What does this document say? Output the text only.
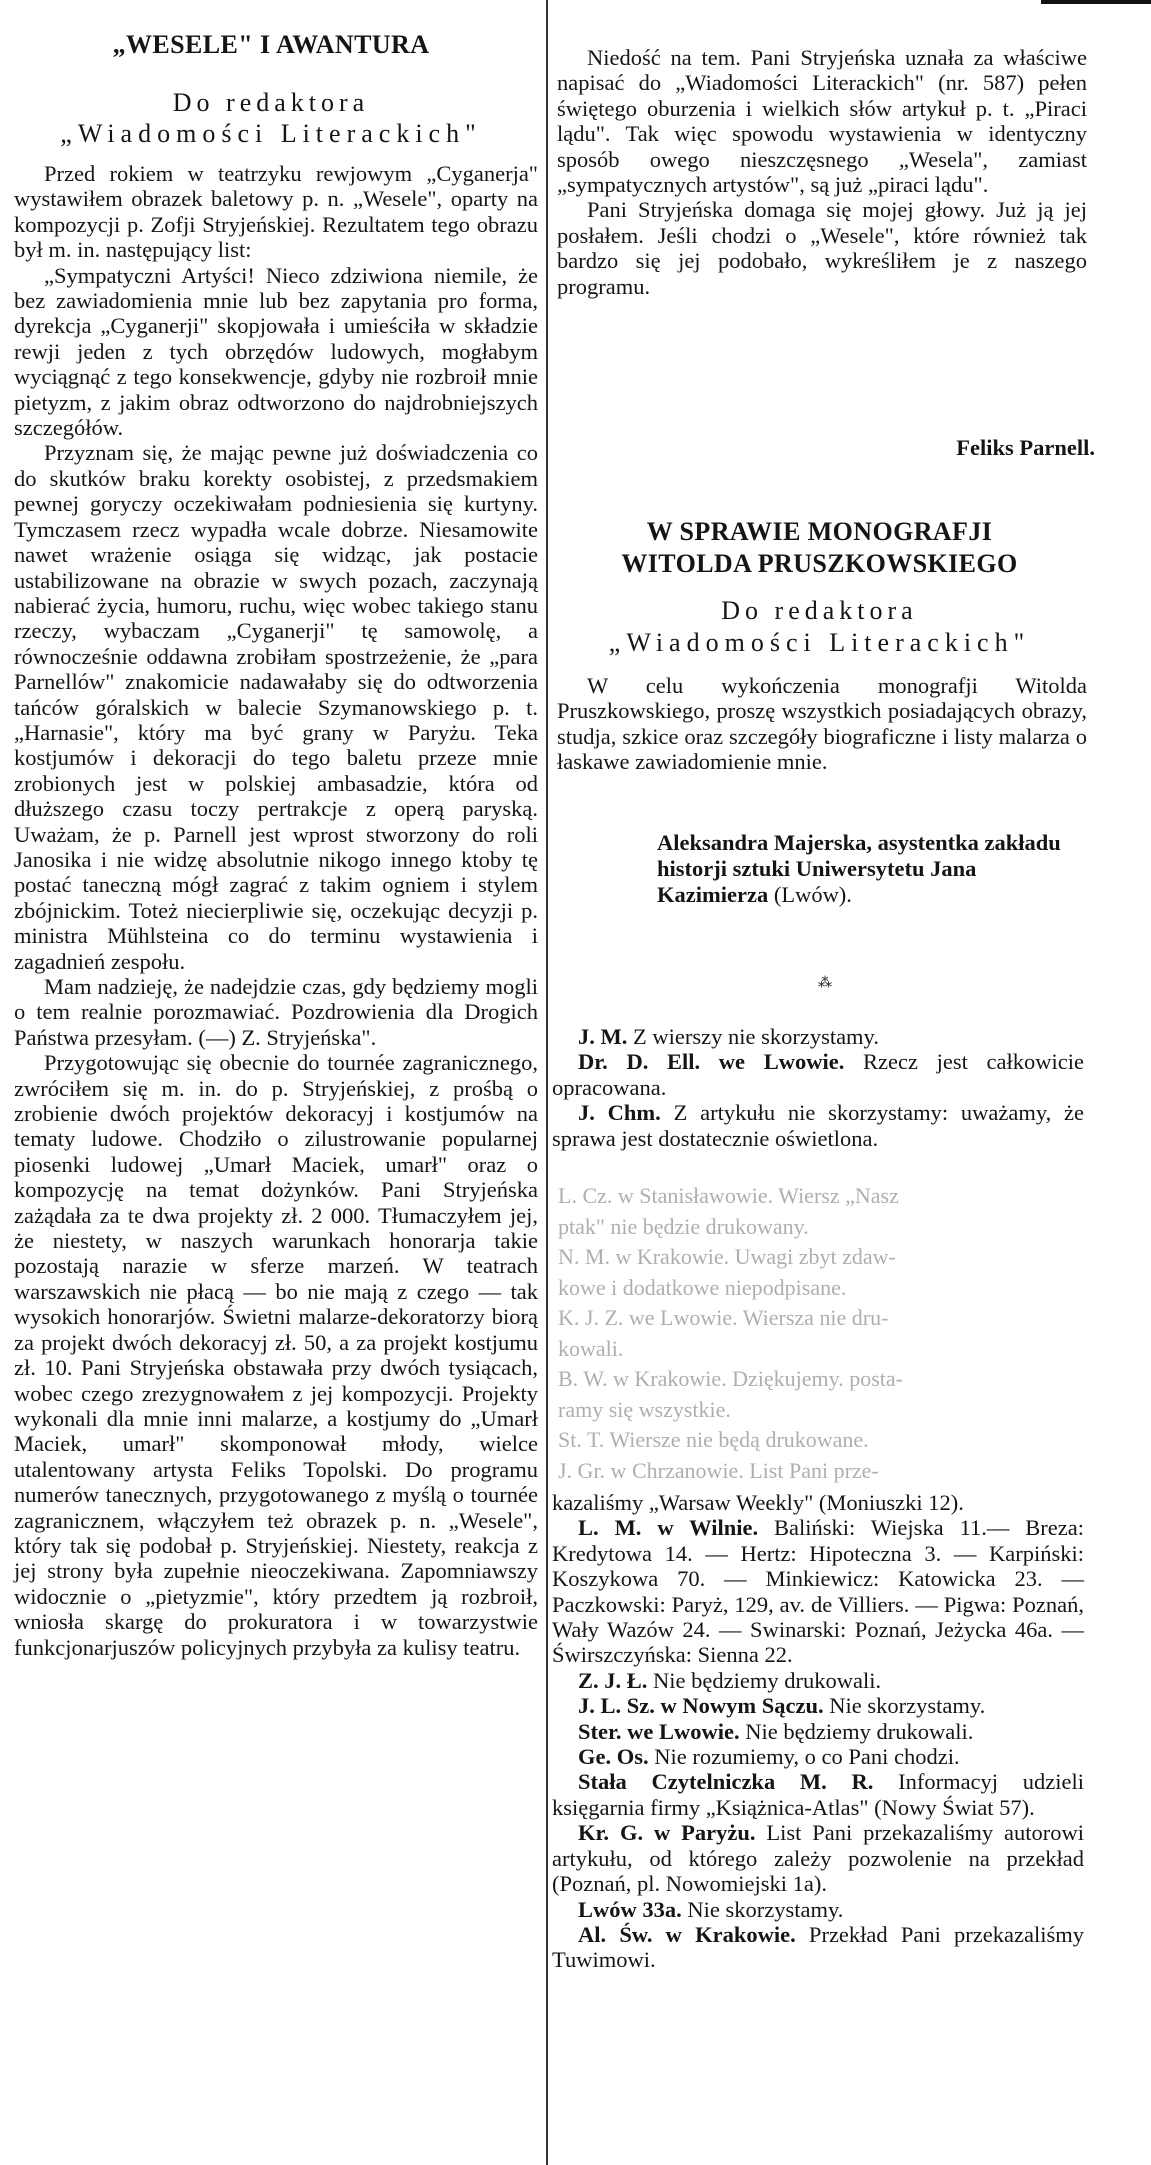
„WESELE" I AWANTURA
Do redaktora
„Wiadomości Literackich"

Przed rokiem w teatrzyku rewjowym „Cyganerja" wystawiłem obrazek baletowy p. n. „Wesele", oparty na kompozycji p. Zofji Stryjeńskiej. Rezultatem tego obrazu był m. in. następujący list:

„Sympatyczni Artyści! Nieco zdziwiona niemile, że bez zawiadomienia mnie lub bez zapytania pro forma, dyrekcja „Cyganerji" skopjowała i umieściła w składzie rewji jeden z tych obrzędów ludowych, mogłabym wyciągnąć z tego konsekwencje, gdyby nie rozbroił mnie pietyzm, z jakim obraz odtworzono do najdrobniejszych szczegółów.

Przyznam się, że mając pewne już doświadczenia co do skutków braku korekty osobistej, z przedsmakiem pewnej goryczy oczekiwałam podniesienia się kurtyny. Tymczasem rzecz wypadła wcale dobrze. Niesamowite nawet wrażenie osiąga się widząc, jak postacie ustabilizowane na obrazie w swych pozach, zaczynają nabierać życia, humoru, ruchu, więc wobec takiego stanu rzeczy, wybaczam „Cyganerji" tę samowolę, a równocześnie oddawna zrobiłam spostrzeżenie, że „para Parnellów" znakomicie nadawałaby się do odtworzenia tańców góralskich w balecie Szymanowskiego p. t. „Harnasie", który ma być grany w Paryżu. Teka kostjumów i dekoracji do tego baletu przeze mnie zrobionych jest w polskiej ambasadzie, która od dłuższego czasu toczy pertrakcje z operą paryską. Uważam, że p. Parnell jest wprost stworzony do roli Janosika i nie widzę absolutnie nikogo innego ktoby tę postać taneczną mógł zagrać z takim ogniem i stylem zbójnickim. Toteż niecierpliwie się, oczekując decyzji p. ministra Mühlsteina co do terminu wystawienia i zagadnień zespołu.

Mam nadzieję, że nadejdzie czas, gdy będziemy mogli o tem realnie porozmawiać. Pozdrowienia dla Drogich Państwa przesyłam. (—) Z. Stryjeńska".

Przygotowując się obecnie do tournée zagranicznego, zwróciłem się m. in. do p. Stryjeńskiej, z prośbą o zrobienie dwóch projektów dekoracyj i kostjumów na tematy ludowe. Chodziło o zilustrowanie popularnej piosenki ludowej „Umarł Maciek, umarł" oraz o kompozycję na temat dożynków. Pani Stryjeńska zażądała za te dwa projekty zł. 2 000. Tłumaczyłem jej, że niestety, w naszych warunkach honorarja takie pozostają narazie w sferze marzeń. W teatrach warszawskich nie płacą — bo nie mają z czego — tak wysokich honorarjów. Świetni malarze-dekoratorzy biorą za projekt dwóch dekoracyj zł. 50, a za projekt kostjumu zł. 10. Pani Stryjeńska obstawała przy dwóch tysiącach, wobec czego zrezygnowałem z jej kompozycji. Projekty wykonali dla mnie inni malarze, a kostjumy do „Umarł Maciek, umarł" skomponował młody, wielce utalentowany artysta Feliks Topolski. Do programu numerów tanecznych, przygotowanego z myślą o tournée zagranicznem, włączyłem też obrazek p. n. „Wesele", który tak się podobał p. Stryjeńskiej. Niestety, reakcja z jej strony była zupełnie nieoczekiwana. Zapomniawszy widocznie o „pietyzmie", który przedtem ją rozbroił, wniosła skargę do prokuratora i w towarzystwie funkcjonarjuszów policyjnych przybyła za kulisy teatru.

Niedość na tem. Pani Stryjeńska uznała za właściwe napisać do „Wiadomości Literackich" (nr. 587) pełen świętego oburzenia i wielkich słów artykuł p. t. „Piraci lądu". Tak więc spowodu wystawienia w identyczny sposób owego nieszczęsnego „Wesela", zamiast „sympatycznych artystów", są już „piraci lądu".

Pani Stryjeńska domaga się mojej głowy. Już ją jej posłałem. Jeśli chodzi o „Wesele", które również tak bardzo się jej podobało, wykreśliłem je z naszego programu.

Feliks Parnell.
W SPRAWIE MONOGRAFJI
WITOLDA PRUSZKOWSKIEGO
Do redaktora
„Wiadomości Literackich"

W celu wykończenia monografji Witolda Pruszkowskiego, proszę wszystkich posiadających obrazy, studja, szkice oraz szczegóły biograficzne i listy malarza o łaskawe zawiadomienie mnie.

Aleksandra Majerska, asystentka zakładu historji sztuki Uniwersytetu Jana Kazimierza (Lwów).
⁂

J. M. Z wierszy nie skorzystamy.

Dr. D. Ell. we Lwowie. Rzecz jest całkowicie opracowana.

J. Chm. Z artykułu nie skorzystamy: uważamy, że sprawa jest dostatecznie oświetlona.

L. Cz. w Stanisławowie. Wiersz „Nasz
ptak" nie będzie drukowany.
N. M. w Krakowie. Uwagi zbyt zdaw-
kowe i dodatkowe niepodpisane.
K. J. Z. we Lwowie. Wiersza nie dru-
kowali.
B. W. w Krakowie. Dziękujemy. posta-
ramy się wszystkie.
St. T. Wiersze nie będą drukowane.
J. Gr. w Chrzanowie. List Pani prze-

kazaliśmy „Warsaw Weekly" (Moniuszki 12).

L. M. w Wilnie. Baliński: Wiejska 11.— Breza: Kredytowa 14. — Hertz: Hipoteczna 3. — Karpiński: Koszykowa 70. — Minkiewicz: Katowicka 23. — Paczkowski: Paryż, 129, av. de Villiers. — Pigwa: Poznań, Wały Wazów 24. — Swinarski: Poznań, Jeżycka 46a. — Świrszczyńska: Sienna 22.

Z. J. Ł. Nie będziemy drukowali.

J. L. Sz. w Nowym Sączu. Nie skorzystamy.

Ster. we Lwowie. Nie będziemy drukowali.

Ge. Os. Nie rozumiemy, o co Pani chodzi.

Stała Czytelniczka M. R. Informacyj udzieli księgarnia firmy „Książnica-Atlas" (Nowy Świat 57).

Kr. G. w Paryżu. List Pani przekazaliśmy autorowi artykułu, od którego zależy pozwolenie na przekład (Poznań, pl. Nowomiejski 1a).

Lwów 33a. Nie skorzystamy.

Al. Św. w Krakowie. Przekład Pani przekazaliśmy Tuwimowi.
